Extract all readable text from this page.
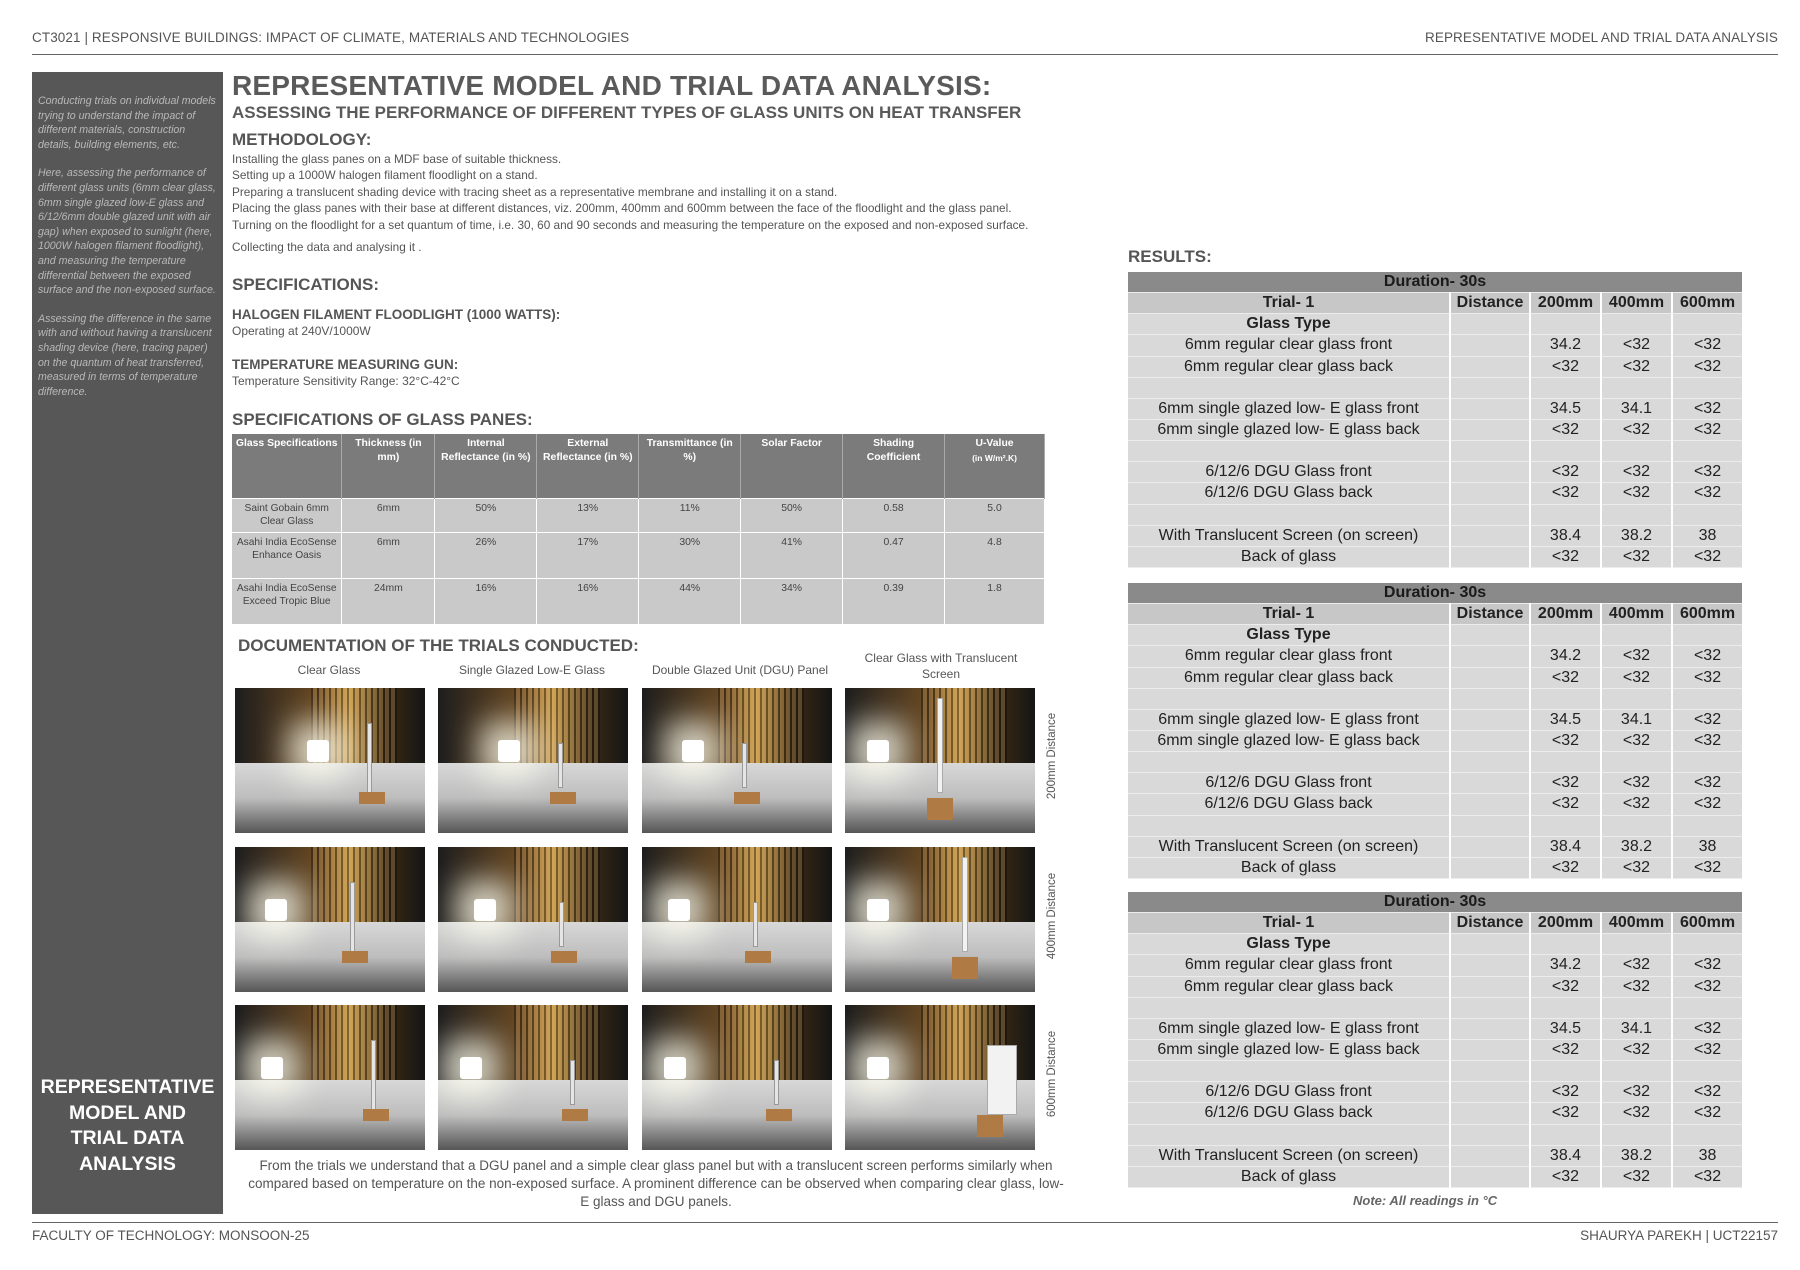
CT3021 | RESPONSIVE BUILDINGS: IMPACT OF CLIMATE, MATERIALS AND TECHNOLOGIES	REPRESENTATIVE MODEL AND TRIAL DATA ANALYSIS
FACULTY OF TECHNOLOGY: MONSOON-25	SHAURYA PAREKH | UCT22157

Conducting trials on individual models trying to understand the impact of different materials, construction details, building elements, etc.

Here, assessing the performance of different glass units (6mm clear glass, 6mm single glazed low-E glass and 6/12/6mm double glazed unit with air gap) when exposed to sunlight (here, 1000W halogen filament floodlight), and measuring the temperature differential between the exposed surface and the non-exposed surface.

Assessing the difference in the same with and without having a translucent shading device (here, tracing paper) on the quantum of heat transferred, measured in terms of temperature difference.

REPRESENTATIVE
MODEL AND
TRIAL DATA
ANALYSIS
REPRESENTATIVE MODEL AND TRIAL DATA ANALYSIS:
ASSESSING THE PERFORMANCE OF DIFFERENT TYPES OF GLASS UNITS ON HEAT TRANSFER
METHODOLOGY:
Installing the glass panes on a MDF base of suitable thickness.
Setting up a 1000W halogen filament floodlight on a stand.
Preparing a translucent shading device with tracing sheet as a representative membrane and installing it on a stand.
Placing the glass panes with their base at different distances, viz. 200mm, 400mm and 600mm between the face of the floodlight and the glass panel.
Turning on the floodlight for a set quantum of time, i.e. 30, 60 and 90 seconds and measuring the temperature on the exposed and non-exposed surface.
Collecting the data and analysing it .
SPECIFICATIONS:
HALOGEN FILAMENT FLOODLIGHT (1000 WATTS):
Operating at 240V/1000W
TEMPERATURE MEASURING GUN:
Temperature Sensitivity Range: 32°C-42°C
SPECIFICATIONS OF GLASS PANES:
Glass Specifications	Thickness (in mm)	Internal Reflectance (in %)	External Reflectance (in %)	Transmittance (in %)	Solar Factor	Shading Coefficient	U-Value
(in W/m².K)
Saint Gobain 6mm Clear Glass	6mm	50%	13%	11%	50%	0.58	5.0
Asahi India EcoSense Enhance Oasis	6mm	26%	17%	30%	41%	0.47	4.8
Asahi India EcoSense Exceed Tropic Blue	24mm	16%	16%	44%	34%	0.39	1.8
DOCUMENTATION OF THE TRIALS CONDUCTED:
Clear Glass	Single Glazed Low-E Glass	Double Glazed Unit (DGU) Panel
Clear Glass with Translucent Screen
200mm Distance
400mm Distance
600mm Distance
From the trials we understand that a DGU panel and a simple clear glass panel but with a translucent screen performs similarly when compared based on temperature on the non-exposed surface. A prominent difference can be observed when comparing clear glass, low-E glass and DGU panels.
RESULTS:
Duration- 30s				
Trial- 1	Distance	200mm	400mm	600mm
Glass Type				
6mm regular clear glass front		34.2	<32	<32
6mm regular clear glass back		<32	<32	<32

6mm single glazed low- E glass front		34.5	34.1	<32
6mm single glazed low- E glass back		<32	<32	<32

6/12/6 DGU Glass front		<32	<32	<32
6/12/6 DGU Glass back		<32	<32	<32

With Translucent Screen (on screen)		38.4	38.2	38
Back of glass		<32	<32	<32
Duration- 30s				
Trial- 1	Distance	200mm	400mm	600mm
Glass Type				
6mm regular clear glass front		34.2	<32	<32
6mm regular clear glass back		<32	<32	<32

6mm single glazed low- E glass front		34.5	34.1	<32
6mm single glazed low- E glass back		<32	<32	<32

6/12/6 DGU Glass front		<32	<32	<32
6/12/6 DGU Glass back		<32	<32	<32

With Translucent Screen (on screen)		38.4	38.2	38
Back of glass		<32	<32	<32
Duration- 30s				
Trial- 1	Distance	200mm	400mm	600mm
Glass Type				
6mm regular clear glass front		34.2	<32	<32
6mm regular clear glass back		<32	<32	<32

6mm single glazed low- E glass front		34.5	34.1	<32
6mm single glazed low- E glass back		<32	<32	<32

6/12/6 DGU Glass front		<32	<32	<32
6/12/6 DGU Glass back		<32	<32	<32

With Translucent Screen (on screen)		38.4	38.2	38
Back of glass		<32	<32	<32
Note: All readings in °C
